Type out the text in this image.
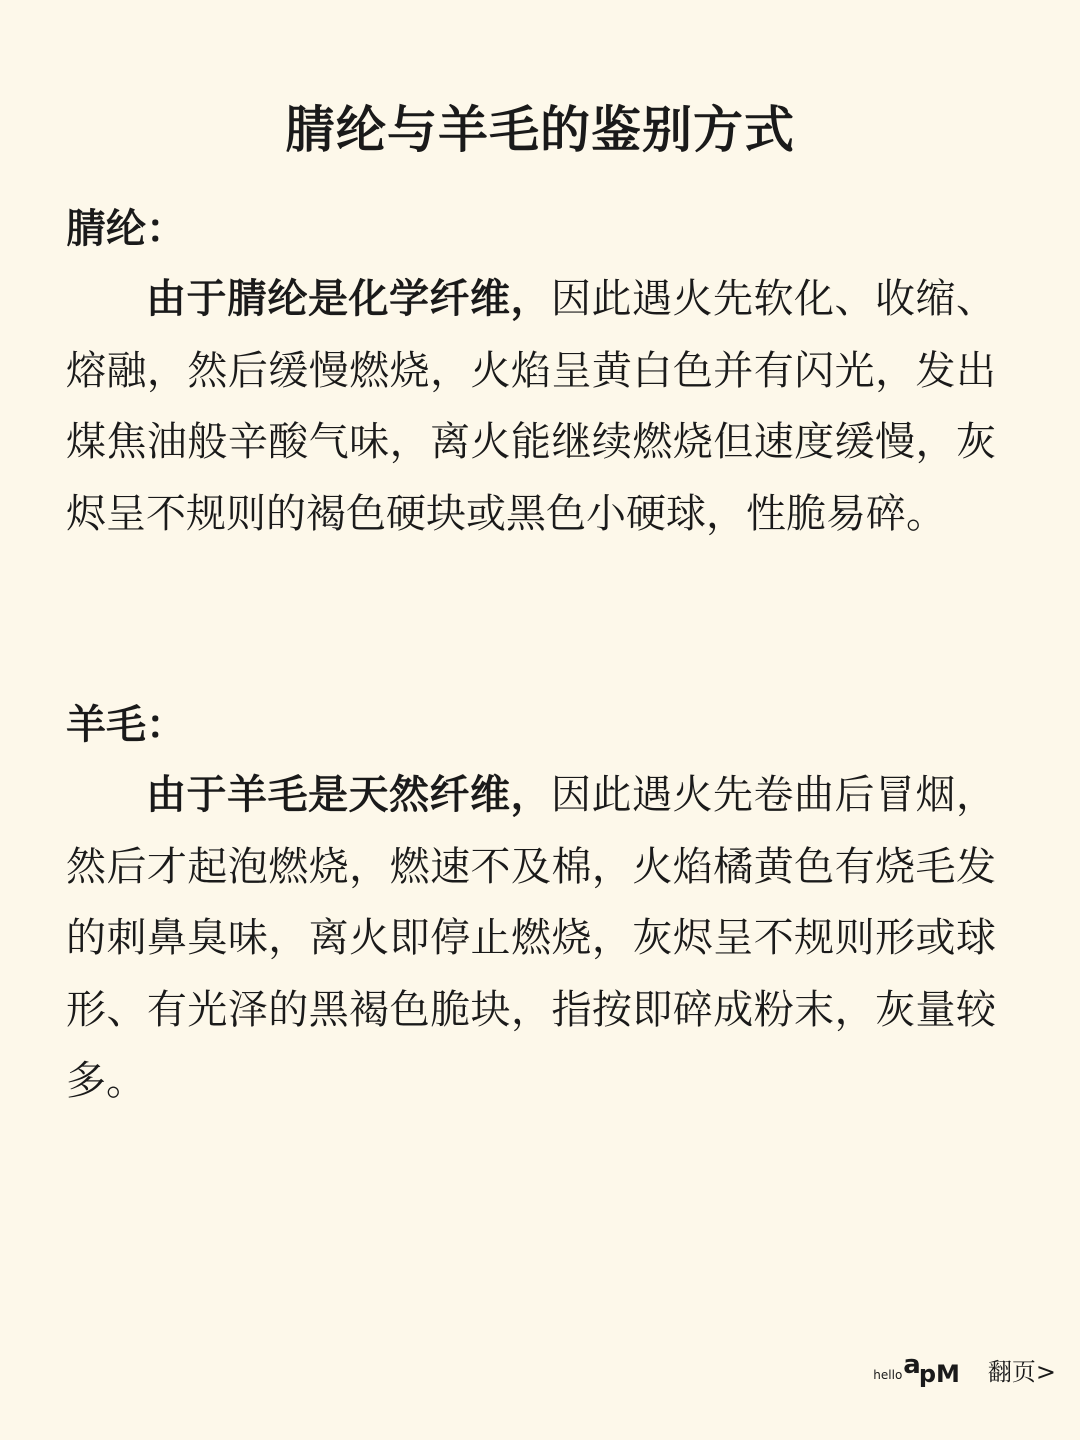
腈纶与羊毛的鉴别方式
腈纶：

由于腈纶是化学纤维，因此遇火先软化、收缩、熔融，然后缓慢燃烧，火焰呈黄白色并有闪光，发出煤焦油般辛酸气味，离火能继续燃烧但速度缓慢，灰烬呈不规则的褐色硬块或黑色小硬球，性脆易碎。

羊毛：

由于羊毛是天然纤维，因此遇火先卷曲后冒烟，然后才起泡燃烧，燃速不及棉，火焰橘黄色有烧毛发的刺鼻臭味，离火即停止燃烧，灰烬呈不规则形或球形、有光泽的黑褐色脆块，指按即碎成粉末，灰量较多。

hello a
pM 翻页>
